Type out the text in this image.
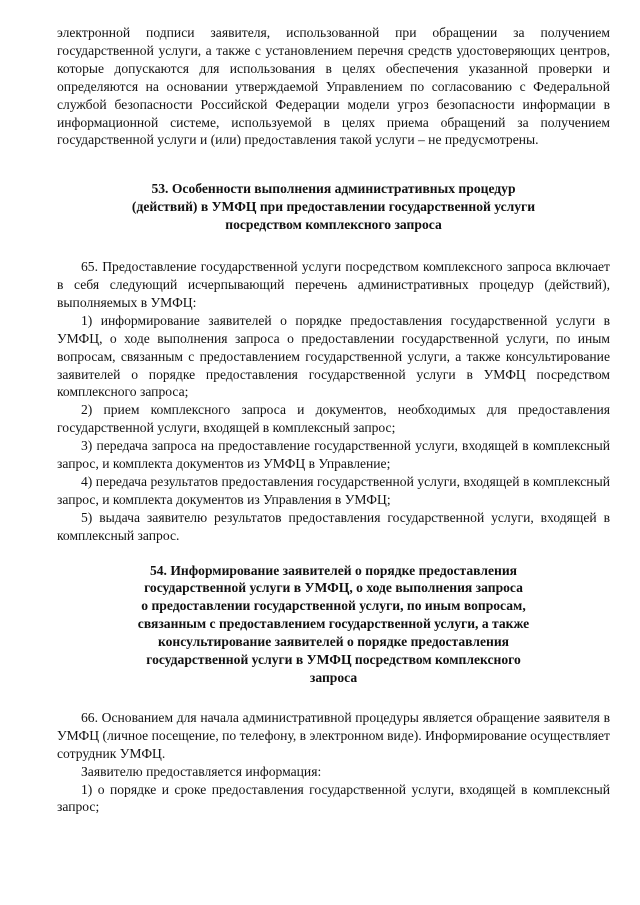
электронной подписи заявителя, использованной при обращении за получением государственной услуги, а также с установлением перечня средств удостоверяющих центров, которые допускаются для использования в целях обеспечения указанной проверки и определяются на основании утверждаемой Управлением по согласованию с Федеральной службой безопасности Российской Федерации модели угроз безопасности информации в информационной системе, используемой в целях приема обращений за получением государственной услуги и (или) предоставления такой услуги – не предусмотрены.

53. Особенности выполнения административных процедур
(действий) в УМФЦ при предоставлении государственной услуги
посредством комплексного запроса

65. Предоставление государственной услуги посредством комплексного запроса включает в себя следующий исчерпывающий перечень административных процедур (действий), выполняемых в УМФЦ:

1) информирование заявителей о порядке предоставления государственной услуги в УМФЦ, о ходе выполнения запроса о предоставлении государственной услуги, по иным вопросам, связанным с предоставлением государственной услуги, а также консультирование заявителей о порядке предоставления государственной услуги в УМФЦ посредством комплексного запроса;

2) прием комплексного запроса и документов, необходимых для предоставления государственной услуги, входящей в комплексный запрос;

3) передача запроса на предоставление государственной услуги, входящей в комплексный запрос, и комплекта документов из УМФЦ в Управление;

4) передача результатов предоставления государственной услуги, входящей в комплексный запрос, и комплекта документов из Управления в УМФЦ;

5) выдача заявителю результатов предоставления государственной услуги, входящей в комплексный запрос.

54. Информирование заявителей о порядке предоставления
государственной услуги в УМФЦ, о ходе выполнения запроса
о предоставлении государственной услуги, по иным вопросам,
связанным с предоставлением государственной услуги, а также
консультирование заявителей о порядке предоставления
государственной услуги в УМФЦ посредством комплексного
запроса

66. Основанием для начала административной процедуры является обращение заявителя в УМФЦ (личное посещение, по телефону, в электронном виде). Информирование осуществляет сотрудник УМФЦ.

Заявителю предоставляется информация:

1) о порядке и сроке предоставления государственной услуги, входящей в комплексный запрос;
